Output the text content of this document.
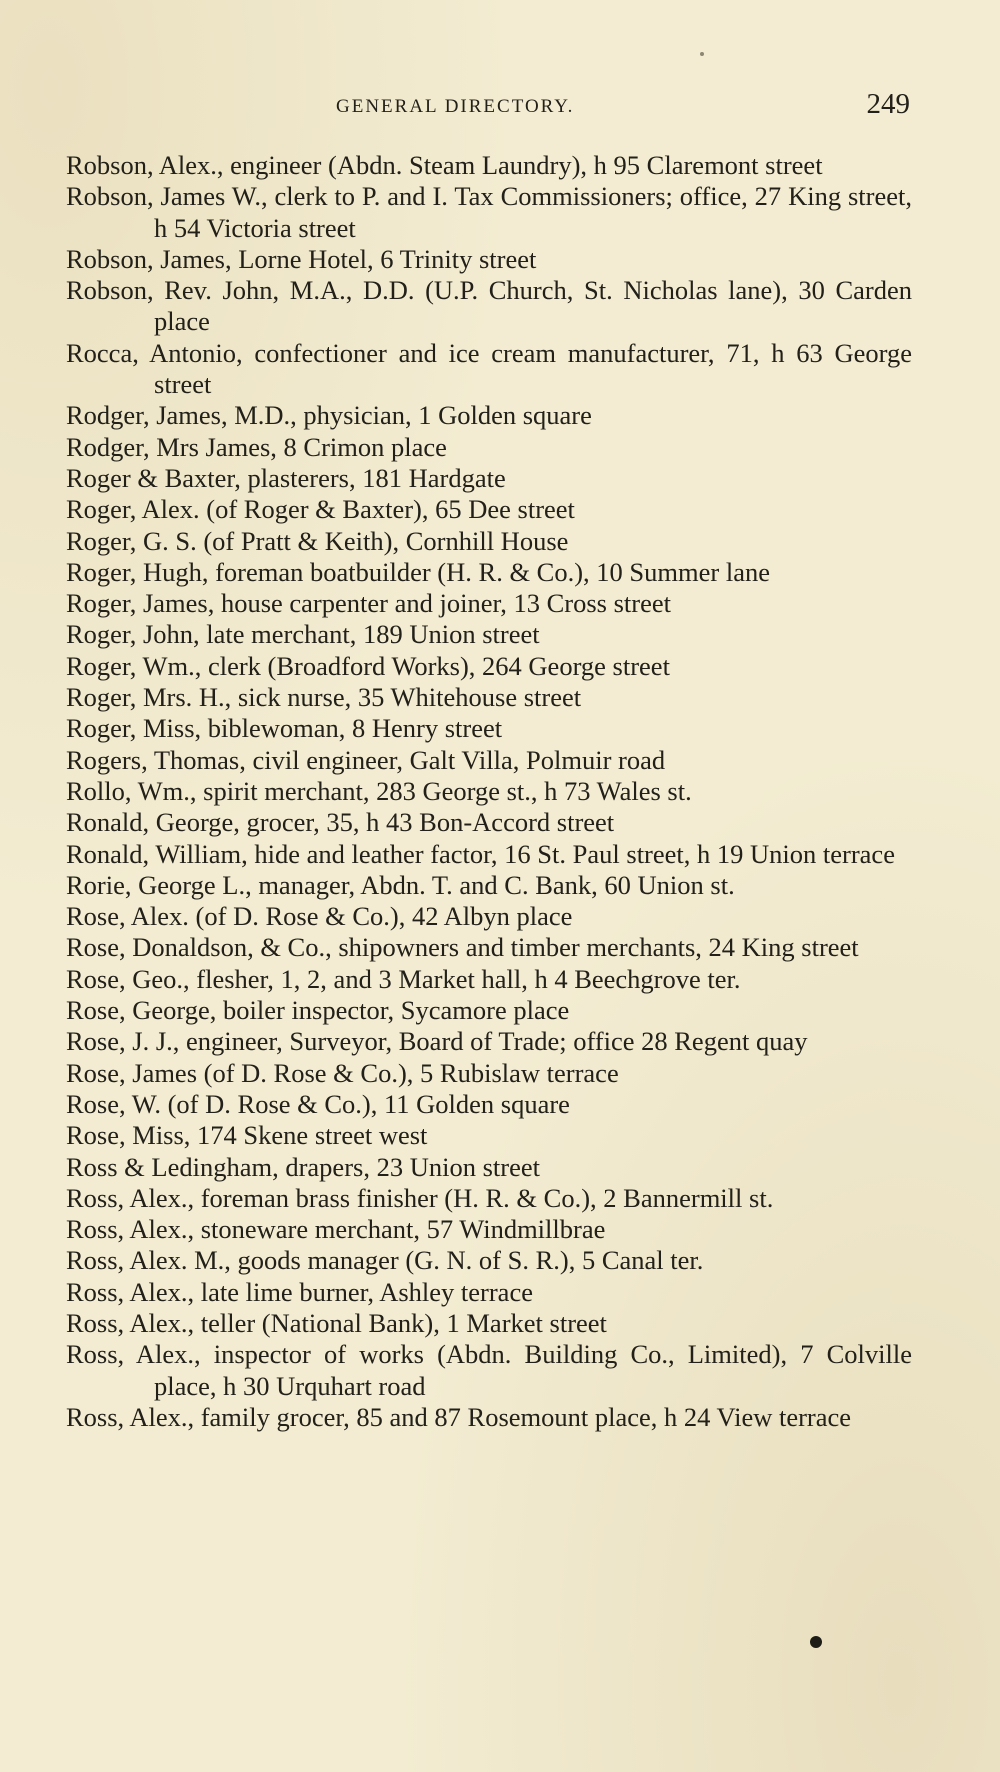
GENERAL DIRECTORY.	249

Robson, Alex., engineer (Abdn. Steam Laundry), h 95 Claremont street

Robson, James W., clerk to P. and I. Tax Commissioners; office, 27 King street, h 54 Victoria street

Robson, James, Lorne Hotel, 6 Trinity street

Robson, Rev. John, M.A., D.D. (U.P. Church, St. Nicholas lane), 30 Carden place

Rocca, Antonio, confectioner and ice cream manufacturer, 71, h 63 George street

Rodger, James, M.D., physician, 1 Golden square

Rodger, Mrs James, 8 Crimon place

Roger & Baxter, plasterers, 181 Hardgate

Roger, Alex. (of Roger & Baxter), 65 Dee street

Roger, G. S. (of Pratt & Keith), Cornhill House

Roger, Hugh, foreman boatbuilder (H. R. & Co.), 10 Summer lane

Roger, James, house carpenter and joiner, 13 Cross street

Roger, John, late merchant, 189 Union street

Roger, Wm., clerk (Broadford Works), 264 George street

Roger, Mrs. H., sick nurse, 35 Whitehouse street

Roger, Miss, biblewoman, 8 Henry street

Rogers, Thomas, civil engineer, Galt Villa, Polmuir road

Rollo, Wm., spirit merchant, 283 George st., h 73 Wales st.

Ronald, George, grocer, 35, h 43 Bon-Accord street

Ronald, William, hide and leather factor, 16 St. Paul street, h 19 Union terrace

Rorie, George L., manager, Abdn. T. and C. Bank, 60 Union st.

Rose, Alex. (of D. Rose & Co.), 42 Albyn place

Rose, Donaldson, & Co., shipowners and timber merchants, 24 King street

Rose, Geo., flesher, 1, 2, and 3 Market hall, h 4 Beechgrove ter.

Rose, George, boiler inspector, Sycamore place

Rose, J. J., engineer, Surveyor, Board of Trade; office 28 Regent quay

Rose, James (of D. Rose & Co.), 5 Rubislaw terrace

Rose, W. (of D. Rose & Co.), 11 Golden square

Rose, Miss, 174 Skene street west

Ross & Ledingham, drapers, 23 Union street

Ross, Alex., foreman brass finisher (H. R. & Co.), 2 Bannermill st.

Ross, Alex., stoneware merchant, 57 Windmillbrae

Ross, Alex. M., goods manager (G. N. of S. R.), 5 Canal ter.

Ross, Alex., late lime burner, Ashley terrace

Ross, Alex., teller (National Bank), 1 Market street

Ross, Alex., inspector of works (Abdn. Building Co., Limited), 7 Colville place, h 30 Urquhart road

Ross, Alex., family grocer, 85 and 87 Rosemount place, h 24 View terrace
